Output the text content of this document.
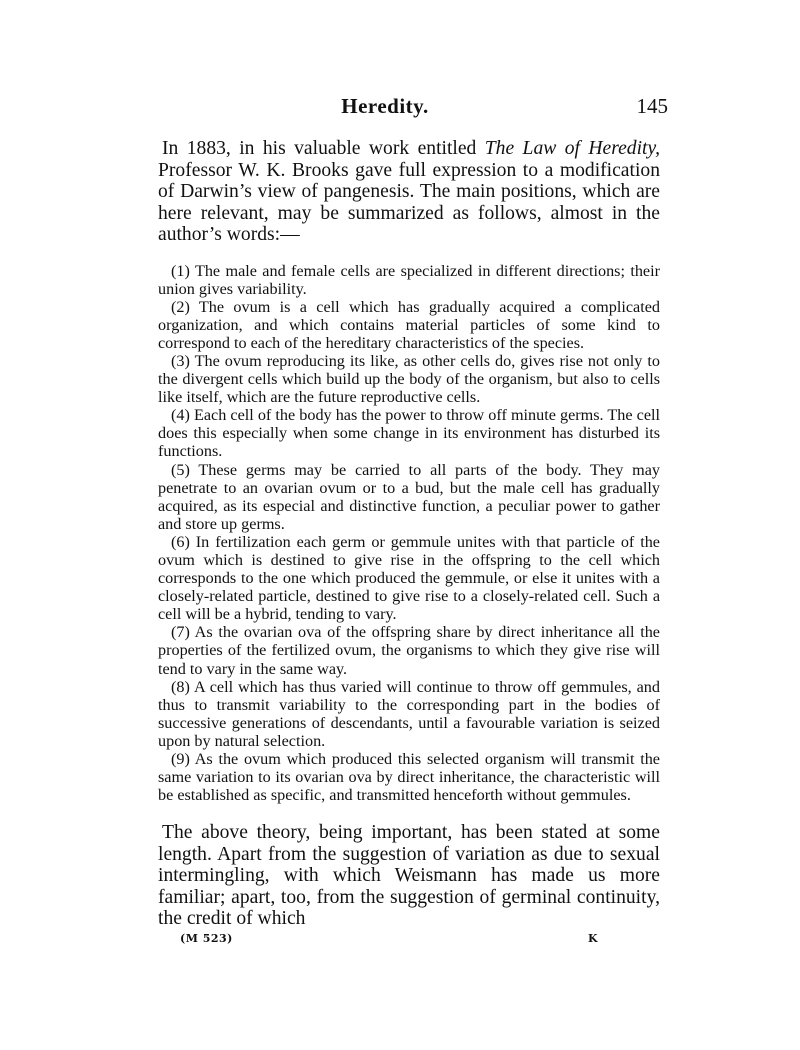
Heredity.	145

In 1883, in his valuable work entitled The Law of Heredity, Professor W. K. Brooks gave full expression to a modification of Darwin’s view of pangenesis. The main positions, which are here relevant, may be summarized as follows, almost in the author’s words:—

(1) The male and female cells are specialized in different directions; their union gives variability.
(2) The ovum is a cell which has gradually acquired a complicated organization, and which contains material particles of some kind to correspond to each of the hereditary characteristics of the species.
(3) The ovum reproducing its like, as other cells do, gives rise not only to the divergent cells which build up the body of the organism, but also to cells like itself, which are the future reproductive cells.
(4) Each cell of the body has the power to throw off minute germs. The cell does this especially when some change in its environment has disturbed its functions.
(5) These germs may be carried to all parts of the body. They may penetrate to an ovarian ovum or to a bud, but the male cell has gradually acquired, as its especial and distinctive function, a peculiar power to gather and store up germs.
(6) In fertilization each germ or gemmule unites with that particle of the ovum which is destined to give rise in the offspring to the cell which corresponds to the one which produced the gemmule, or else it unites with a closely-related particle, destined to give rise to a closely-related cell. Such a cell will be a hybrid, tending to vary.
(7) As the ovarian ova of the offspring share by direct inheritance all the properties of the fertilized ovum, the organisms to which they give rise will tend to vary in the same way.
(8) A cell which has thus varied will continue to throw off gemmules, and thus to transmit variability to the corresponding part in the bodies of successive generations of descendants, until a favourable variation is seized upon by natural selection.
(9) As the ovum which produced this selected organism will transmit the same variation to its ovarian ova by direct inheritance, the characteristic will be established as specific, and transmitted henceforth without gemmules.

The above theory, being important, has been stated at some length. Apart from the suggestion of variation as due to sexual intermingling, with which Weismann has made us more familiar; apart, too, from the suggestion of germinal continuity, the credit of which

(M 523)	K
